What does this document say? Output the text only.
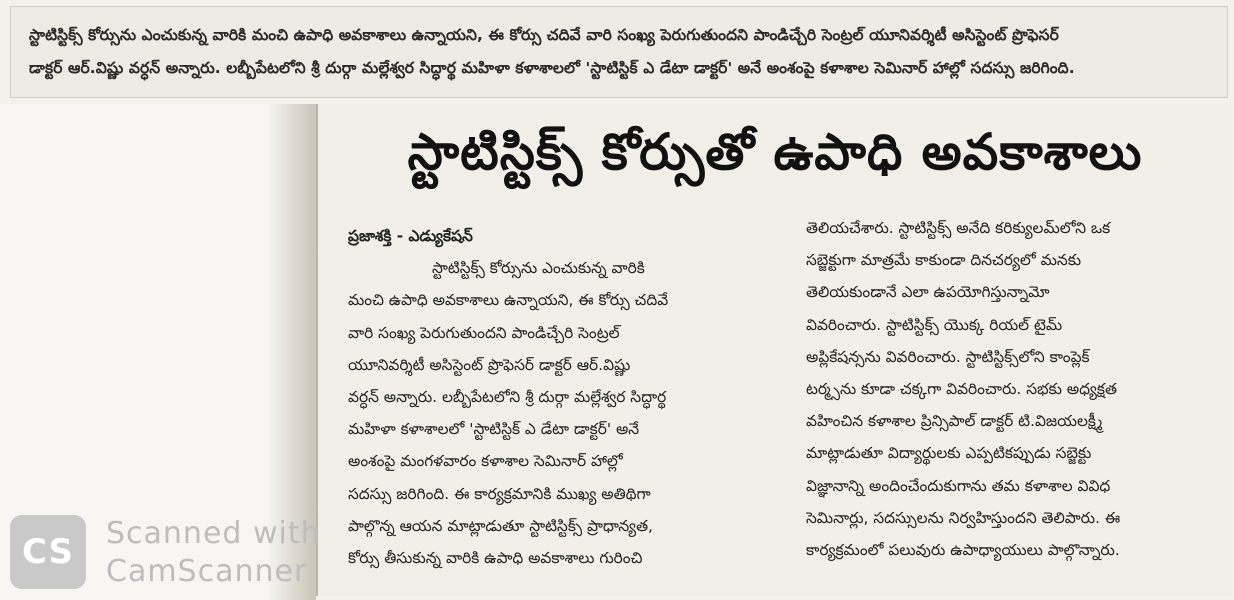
స్టాటిస్టిక్స్ కోర్సును ఎంచుకున్న వారికి మంచి ఉపాధి అవకాశాలు ఉన్నాయని, ఈ కోర్సు చదివే వారి సంఖ్య పెరుగుతుందని పాండిచ్చేరి సెంట్రల్ యూనివర్శిటీ అసిస్టెంట్ ప్రొఫెసర్
డాక్టర్ ఆర్.విష్ణు వర్ధన్ అన్నారు. లబ్బీపేటలోని శ్రీ దుర్గా మల్లేశ్వర సిద్ధార్థ మహిళా కళాశాలలో 'స్టాటిస్టిక్ ఎ డేటా డాక్టర్' అనే అంశంపై కళాశాల సెమినార్ హాల్లో సదస్సు జరిగింది.
స్టాటిస్టిక్స్ కోర్సుతో ఉపాధి అవకాశాలు
ప్రజాశక్తి - ఎడ్యుకేషన్
స్టాటిస్టిక్స్ కోర్సును ఎంచుకున్న వారికి
మంచి ఉపాధి అవకాశాలు ఉన్నాయని, ఈ కోర్సు చదివే
వారి సంఖ్య పెరుగుతుందని పాండిచ్చేరి సెంట్రల్
యూనివర్శిటీ అసిస్టెంట్ ప్రొఫెసర్ డాక్టర్ ఆర్.విష్ణు
వర్ధన్ అన్నారు. లబ్బీపేటలోని శ్రీ దుర్గా మల్లేశ్వర సిద్ధార్థ
మహిళా కళాశాలలో 'స్టాటిస్టిక్ ఎ డేటా డాక్టర్' అనే
అంశంపై మంగళవారం కళాశాల సెమినార్ హాల్లో
సదస్సు జరిగింది. ఈ కార్యక్రమానికి ముఖ్య అతిథిగా
పాల్గొన్న ఆయన మాట్లాడుతూ స్టాటిస్టిక్స్ ప్రాధాన్యత,
కోర్సు తీసుకున్న వారికి ఉపాధి అవకాశాలు గురించి
తెలియచేశారు. స్టాటిస్టిక్స్ అనేది కరిక్యులమ్‌లోని ఒక
సబ్జెక్టుగా మాత్రమే కాకుండా దినచర్యలో మనకు
తెలియకుండానే ఎలా ఉపయోగిస్తున్నామో
వివరించారు. స్టాటిస్టిక్స్ యొక్క రియల్ టైమ్
అప్లికేషన్సను వివరించారు. స్టాటిస్టిక్స్‌లోని కాంప్లెక్
టర్మ్సను కూడా చక్కగా వివరించారు. సభకు అధ్యక్షత
వహించిన కళాశాల ప్రిన్సిపాల్ డాక్టర్ టి.విజయలక్ష్మీ
మాట్లాడుతూ విద్యార్థులకు ఎప్పటికప్పుడు సబ్జెక్టు
విజ్ఞానాన్ని అందించేందుకుగాను తమ కళాశాల వివిధ
సెమినార్లు, సదస్సులను నిర్వహిస్తుందని తెలిపారు. ఈ
కార్యక్రమంలో పలువురు ఉపాధ్యాయులు పాల్గొన్నారు.
CS Scanned with
CamScanner
